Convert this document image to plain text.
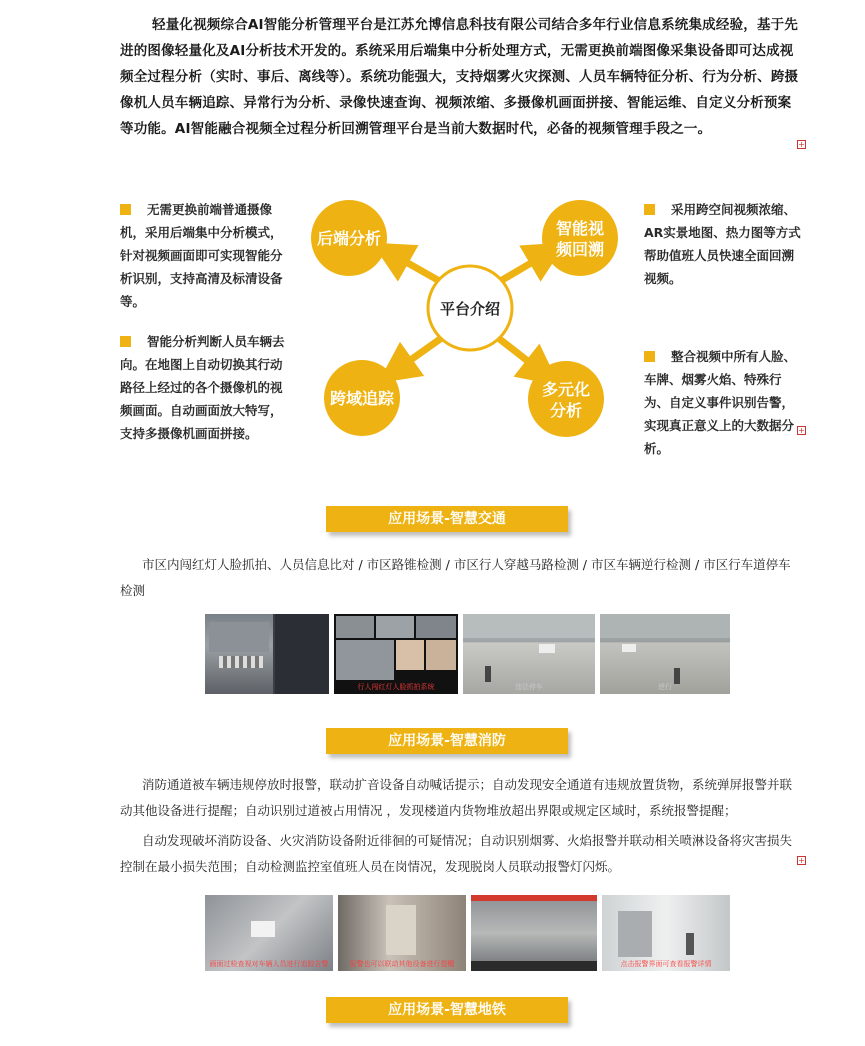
轻量化视频综合AI智能分析管理平台是江苏允博信息科技有限公司结合多年行业信息系统集成经验，基于先进的图像轻量化及AI分析技术开发的。系统采用后端集中分析处理方式，无需更换前端图像采集设备即可达成视频全过程分析（实时、事后、离线等）。系统功能强大，支持烟雾火灾探测、人员车辆特征分析、行为分析、跨摄像机人员车辆追踪、异常行为分析、录像快速查询、视频浓缩、多摄像机画面拼接、智能运维、自定义分析预案等功能。AI智能融合视频全过程分析回溯管理平台是当前大数据时代，必备的视频管理手段之一。

+

无需更换前端普通摄像机，采用后端集中分析模式，针对视频画面即可实现智能分析识别，支持高清及标清设备等。

智能分析判断人员车辆去向。在地图上自动切换其行动路径上经过的各个摄像机的视频画面。自动画面放大特写，支持多摄像机画面拼接。

采用跨空间视频浓缩、AR实景地图、热力图等方式帮助值班人员快速全面回溯视频。

整合视频中所有人脸、车牌、烟雾火焰、特殊行为、自定义事件识别告警，实现真正意义上的大数据分析。

+
平台介绍
后端分析
智能视
频回溯
跨域追踪	多元化
分析
应用场景-智慧交通

市区内闯红灯人脸抓拍、人员信息比对 / 市区路锥检测 / 市区行人穿越马路检测 / 市区车辆逆行检测 / 市区行车道停车检测

行人闯红灯人脸抓拍系统	违法停车	逆行
应用场景-智慧消防

消防通道被车辆违规停放时报警，联动扩音设备自动喊话提示；自动发现安全通道有违规放置货物，系统弹屏报警并联动其他设备进行提醒；自动识别过道被占用情况 ，发现楼道内货物堆放超出界限或规定区域时，系统报警提醒；

自动发现破坏消防设备、火灾消防设备附近徘徊的可疑情况；自动识别烟雾、火焰报警并联动相关喷淋设备将灾害损失控制在最小损失范围；自动检测监控室值班人员在岗情况，发现脱岗人员联动报警灯闪烁。	+
画面过检查视对车辆人员进行追踪告警	报警也可以联动其他设备进行提醒	点击报警界面可查看报警详情
应用场景-智慧地铁
